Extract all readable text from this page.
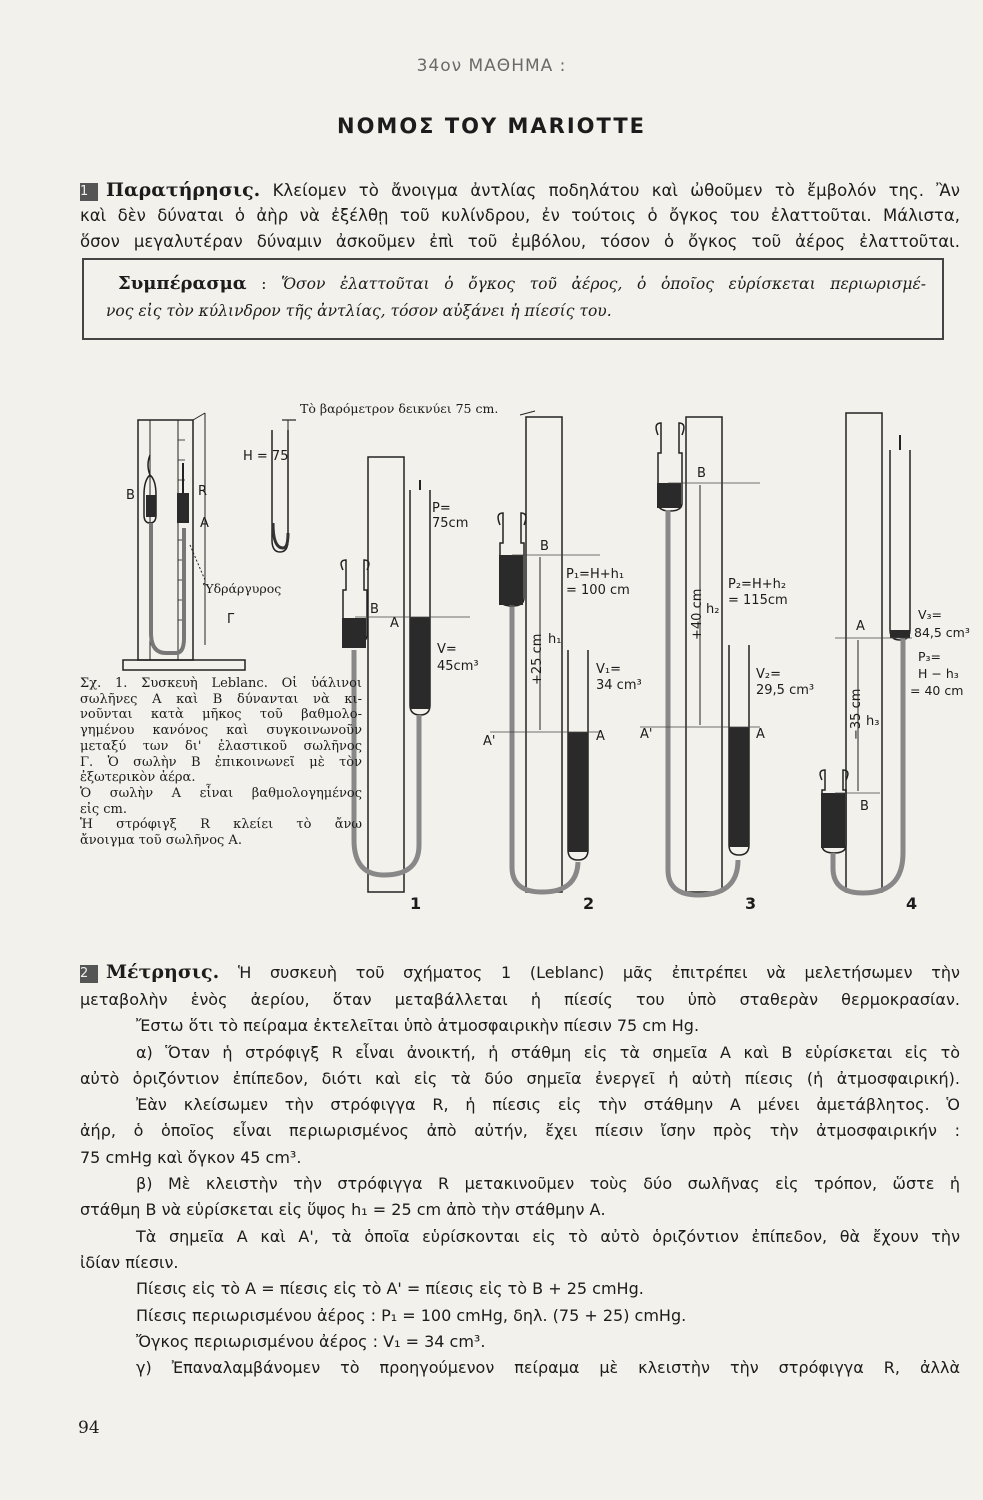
34ον ΜΑΘΗΜΑ :
ΝΟΜΟΣ ΤΟΥ MARIOTTE
1 Παρατήρησις. Κλείομεν τὸ ἄνοιγμα ἀντλίας ποδηλάτου καὶ ὠθοῦμεν τὸ ἔμβολόν της. Ἂν
καὶ δὲν δύναται ὁ ἀὴρ νὰ ἐξέλθῃ τοῦ κυλίνδρου, ἐν τούτοις ὁ ὄγκος του ἐλαττοῦται. Μάλιστα,
ὅσον μεγαλυτέραν δύναμιν ἀσκοῦμεν ἐπὶ τοῦ ἐμβόλου, τόσον ὁ ὄγκος τοῦ ἀέρος ἐλαττοῦται.

Συμπέρασμα : Ὅσον ἐλαττοῦται ὁ ὄγκος τοῦ ἀέρος, ὁ ὁποῖος εὑρίσκεται περιωρισμέ-

νος εἰς τὸν κύλινδρον τῆς ἀντλίας, τόσον αὐξάνει ἡ πίεσίς του.

Τὸ βαρόμετρον δεικνύει 75 cm.
B	R
A
Γ
Ὑδράργυρος
H = 75
B
A
P=
75cm
V=
45cm³
1
B
A
A'
P₁=H+h₁
= 100 cm
h₁
+25 cm	V₁=
34 cm³
2
B
A
A'
P₂=H+h₂
= 115cm
h₂
+40 cm
V₂=
29,5 cm³
3
A
B
h₃
−35 cm
V₃=
84,5 cm³
P₃=
H − h₃
= 40 cm
4
Σχ. 1. Συσκευὴ Leblanc. Οἱ ὑάλινοι
σωλῆνες Α καὶ Β δύνανται νὰ κι-
νοῦνται κατὰ μῆκος τοῦ βαθμολο-
γημένου κανόνος καὶ συγκοινωνοῦν
μεταξύ των δι' ἐλαστικοῦ σωλῆνος
Γ. Ὁ σωλὴν Β ἐπικοινωνεῖ μὲ τὸν
ἐξωτερικὸν ἀέρα.
Ὁ σωλὴν Α εἶναι βαθμολογημένος
εἰς cm.
Ἡ στρόφιγξ R κλείει τὸ ἄνω
ἄνοιγμα τοῦ σωλῆνος Α.
2 Μέτρησις. Ἡ συσκευὴ τοῦ σχήματος 1 (Leblanc) μᾶς ἐπιτρέπει νὰ μελετήσωμεν τὴν
μεταβολὴν ἑνὸς ἀερίου, ὅταν μεταβάλλεται ἡ πίεσίς του ὑπὸ σταθερὰν θερμοκρασίαν.
Ἔστω ὅτι τὸ πείραμα ἐκτελεῖται ὑπὸ ἀτμοσφαιρικὴν πίεσιν 75 cm Hg.
α) Ὅταν ἡ στρόφιγξ R εἶναι ἀνοικτή, ἡ στάθμη εἰς τὰ σημεῖα Α καὶ Β εὑρίσκεται εἰς τὸ
αὐτὸ ὁριζόντιον ἐπίπεδον, διότι καὶ εἰς τὰ δύο σημεῖα ἐνεργεῖ ἡ αὐτὴ πίεσις (ἡ ἀτμοσφαιρική).
Ἐὰν κλείσωμεν τὴν στρόφιγγα R, ἡ πίεσις εἰς τὴν στάθμην Α μένει ἀμετάβλητος. Ὁ
ἀήρ, ὁ ὁποῖος εἶναι περιωρισμένος ἀπὸ αὐτήν, ἔχει πίεσιν ἴσην πρὸς τὴν ἀτμοσφαιρικήν :
75 cmHg καὶ ὄγκον 45 cm³.
β) Μὲ κλειστὴν τὴν στρόφιγγα R μετακινοῦμεν τοὺς δύο σωλῆνας εἰς τρόπον, ὥστε ἡ
στάθμη Β νὰ εὑρίσκεται εἰς ὕψος h₁ = 25 cm ἀπὸ τὴν στάθμην Α.
Τὰ σημεῖα Α καὶ Α', τὰ ὁποῖα εὑρίσκονται εἰς τὸ αὐτὸ ὁριζόντιον ἐπίπεδον, θὰ ἔχουν τὴν
ἰδίαν πίεσιν.
Πίεσις εἰς τὸ Α = πίεσις εἰς τὸ Α' = πίεσις εἰς τὸ Β + 25 cmHg.
Πίεσις περιωρισμένου ἀέρος : P₁ = 100 cmHg, δηλ. (75 + 25) cmHg.
Ὄγκος περιωρισμένου ἀέρος : V₁ = 34 cm³.
γ) Ἐπαναλαμβάνομεν τὸ προηγούμενον πείραμα μὲ κλειστὴν τὴν στρόφιγγα R, ἀλλὰ
94
